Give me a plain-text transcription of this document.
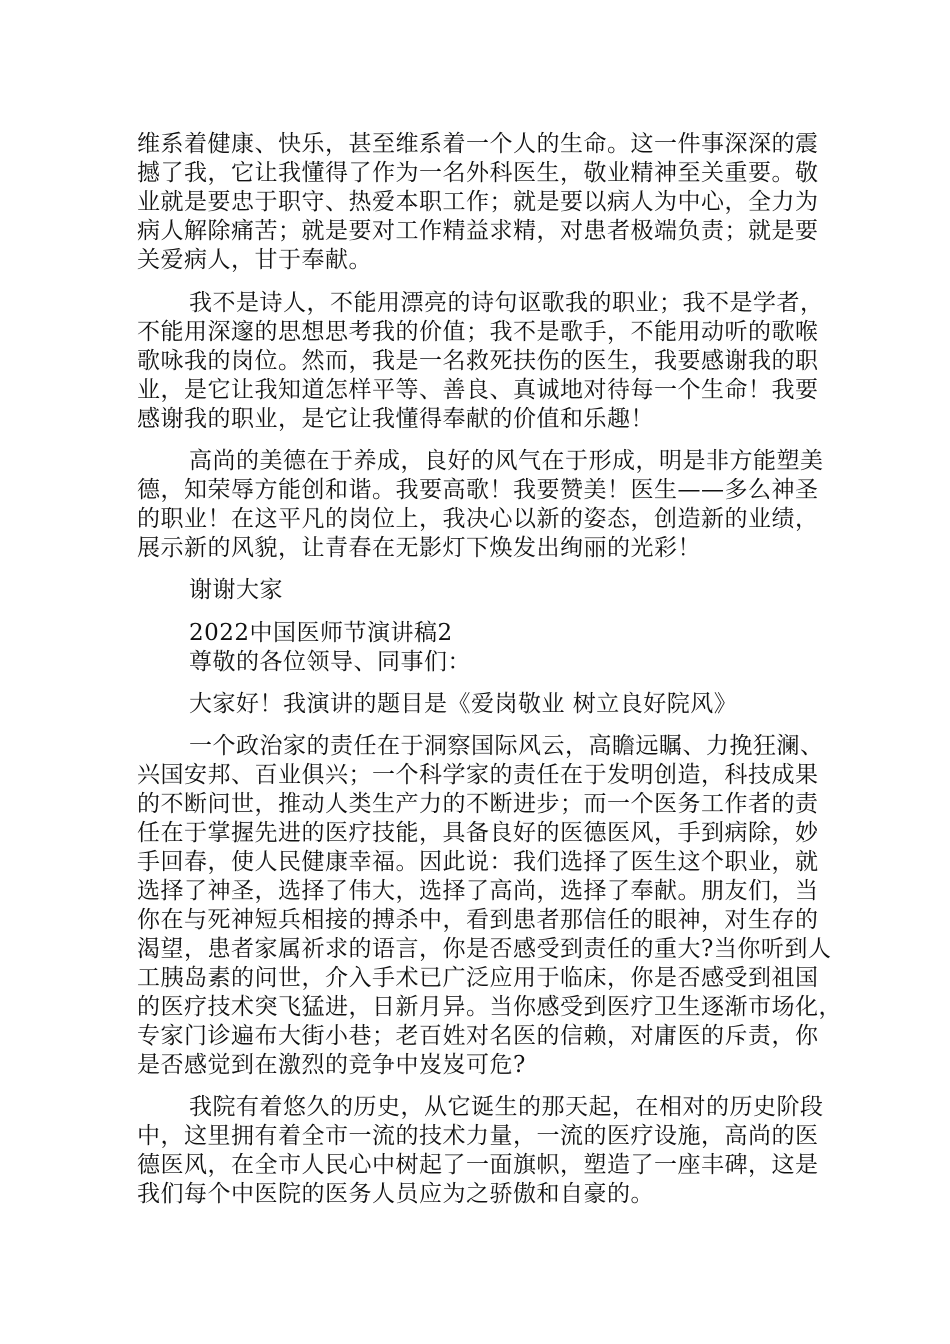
维系着健康、快乐，甚至维系着一个人的生命。这一件事深深的震
撼了我，它让我懂得了作为一名外科医生，敬业精神至关重要。敬
业就是要忠于职守、热爱本职工作；就是要以病人为中心，全力为
病人解除痛苦；就是要对工作精益求精，对患者极端负责；就是要
关爱病人，甘于奉献。
我不是诗人，不能用漂亮的诗句讴歌我的职业；我不是学者，
不能用深邃的思想思考我的价值；我不是歌手，不能用动听的歌喉
歌咏我的岗位。然而，我是一名救死扶伤的医生，我要感谢我的职
业，是它让我知道怎样平等、善良、真诚地对待每一个生命！我要
感谢我的职业，是它让我懂得奉献的价值和乐趣！
高尚的美德在于养成，良好的风气在于形成，明是非方能塑美
德，知荣辱方能创和谐。我要高歌！我要赞美！医生——多么神圣
的职业！在这平凡的岗位上，我决心以新的姿态，创造新的业绩，
展示新的风貌，让青春在无影灯下焕发出绚丽的光彩！
谢谢大家
2022中国医师节演讲稿2
尊敬的各位领导、同事们：
大家好！我演讲的题目是《爱岗敬业 树立良好院风》
一个政治家的责任在于洞察国际风云，高瞻远瞩、力挽狂澜、
兴国安邦、百业俱兴；一个科学家的责任在于发明创造，科技成果
的不断问世，推动人类生产力的不断进步；而一个医务工作者的责
任在于掌握先进的医疗技能，具备良好的医德医风，手到病除，妙
手回春，使人民健康幸福。因此说：我们选择了医生这个职业，就
选择了神圣，选择了伟大，选择了高尚，选择了奉献。朋友们，当
你在与死神短兵相接的搏杀中，看到患者那信任的眼神，对生存的
渴望，患者家属祈求的语言，你是否感受到责任的重大?当你听到人
工胰岛素的问世，介入手术已广泛应用于临床，你是否感受到祖国
的医疗技术突飞猛进，日新月异。当你感受到医疗卫生逐渐市场化，
专家门诊遍布大街小巷；老百姓对名医的信赖，对庸医的斥责，你
是否感觉到在激烈的竞争中岌岌可危?
我院有着悠久的历史，从它诞生的那天起，在相对的历史阶段
中，这里拥有着全市一流的技术力量，一流的医疗设施，高尚的医
德医风，在全市人民心中树起了一面旗帜，塑造了一座丰碑，这是
我们每个中医院的医务人员应为之骄傲和自豪的。
